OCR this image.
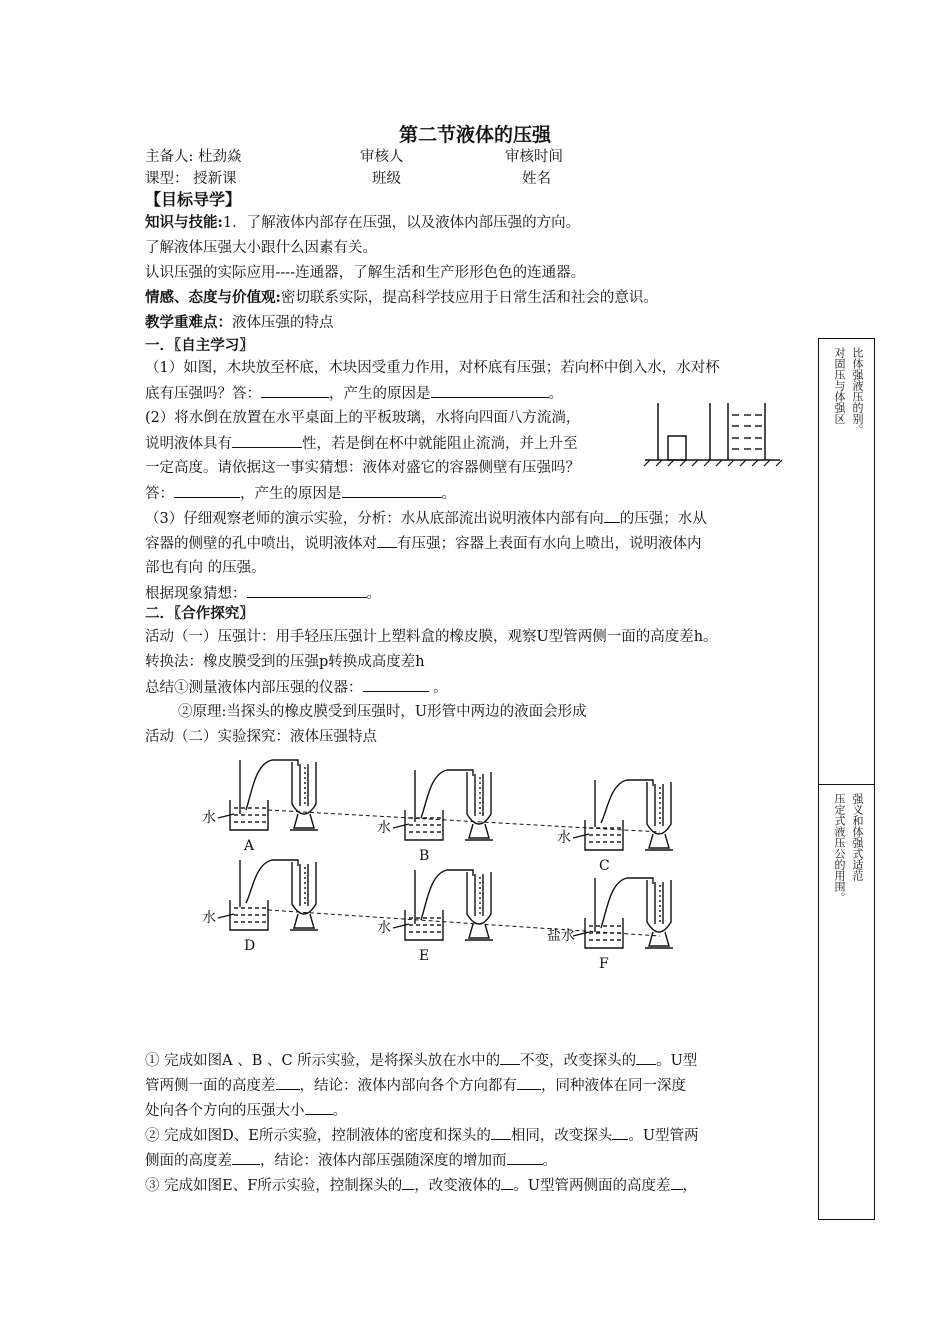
第二节液体的压强
主备人: 杜劲焱	审核人	审核时间
课型： 授新课	班级	姓名
【目标导学】
知识与技能:1．了解液体内部存在压强，以及液体内部压强的方向。
了解液体压强大小跟什么因素有关。
认识压强的实际应用----连通器，了解生活和生产形形色色的连通器。
情感、态度与价值观:密切联系实际，提高科学技应用于日常生活和社会的意识。
教学重难点：液体压强的特点
一．〖自主学习〗
（1）如图，木块放至杯底，木块因受重力作用，对杯底有压强；若向杯中倒入水，水对杯
底有压强吗？答：	，产生的原因是	。
(2）将水倒在放置在水平桌面上的平板玻璃，水将向四面八方流淌，
说明液体具有	性，若是倒在杯中就能阻止流淌，并上升至
一定高度。请依据这一事实猜想：液体对盛它的容器侧壁有压强吗？
答：	，产生的原因是	。
（3）仔细观察老师的演示实验，分析：水从底部流出说明液体内部有向 的压强；水从
容器的侧壁的孔中喷出，说明液体对 有压强；容器上表面有水向上喷出，说明液体内
部也有向 的压强。
根据现象猜想：	。
二．〖合作探究〗
活动（一）压强计：用手轻压压强计上塑料盒的橡皮膜，观察U型管两侧一面的高度差h。
转换法：橡皮膜受到的压强p转换成高度差h
总结①测量液体内部压强的仪器：	。
②原理:当探头的橡皮膜受到压强时，U形管中两边的液面会形成
活动（二）实验探究：液体压强特点
水
A
水
B
水
C
水
D
水
E
盐水
F
① 完成如图A 、B 、C 所示实验，是将探头放在水中的 不变，改变探头的 。U型
管两侧一面的高度差 ，结论：液体内部向各个方向都有 ，同种液体在同一深度
处向各个方向的压强大小 。
② 完成如图D、E所示实验，控制液体的密度和探头的 相同，改变探头 。U型管两
侧面的高度差 ，结论：液体内部压强随深度的增加而 。
③ 完成如图E、F所示实验，控制探头的 ，改变液体的 。U型管两侧面的高度差 ，
比体强液压的别。
对固压与体强区
强义和体强式适范
压定式液压公的用围。
